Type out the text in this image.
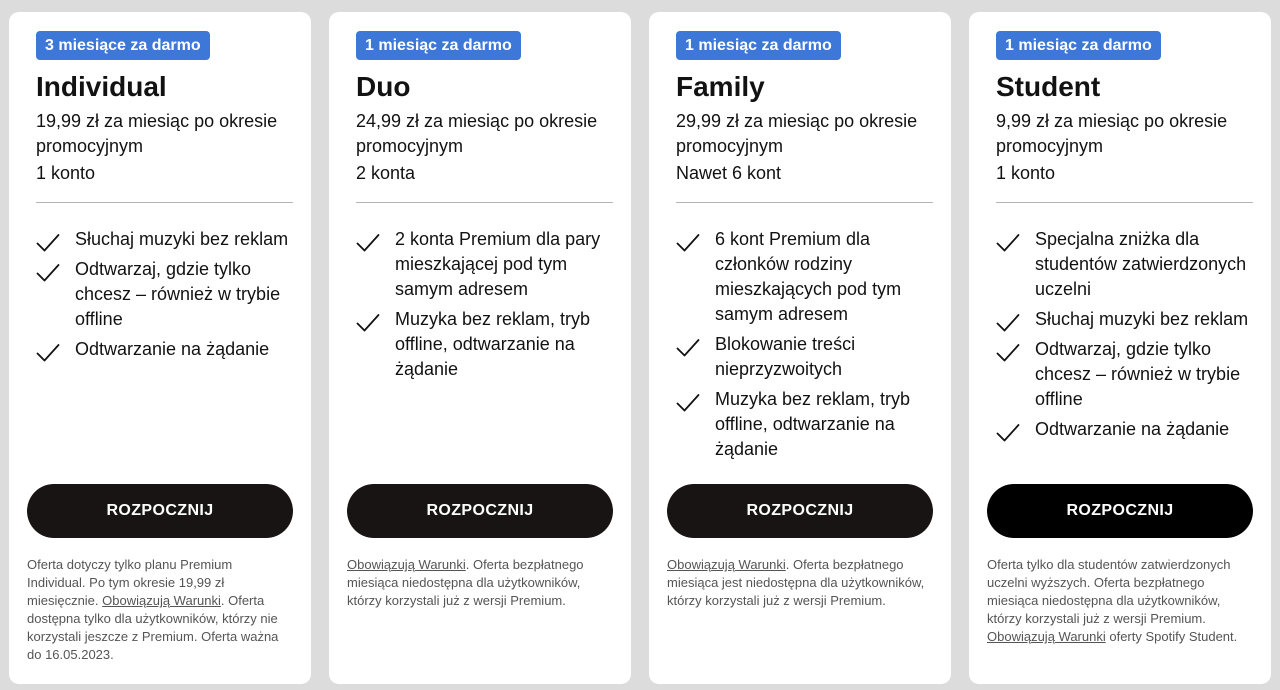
3 miesiące za darmo
Individual
19,99 zł za miesiąc po okresie promocyjnym
1 konto
Słuchaj muzyki bez reklam
Odtwarzaj, gdzie tylko chcesz – również w trybie offline
Odtwarzanie na żądanie
ROZPOCZNIJ
Oferta dotyczy tylko planu Premium Individual. Po tym okresie 19,99 zł miesięcznie. Obowiązują Warunki. Oferta dostępna tylko dla użytkowników, którzy nie korzystali jeszcze z Premium. Oferta ważna do 16.05.2023.
1 miesiąc za darmo
Duo
24,99 zł za miesiąc po okresie promocyjnym
2 konta
2 konta Premium dla pary mieszkającej pod tym samym adresem
Muzyka bez reklam, tryb offline, odtwarzanie na żądanie
ROZPOCZNIJ
Obowiązują Warunki. Oferta bezpłatnego miesiąca niedostępna dla użytkowników, którzy korzystali już z wersji Premium.
1 miesiąc za darmo
Family
29,99 zł za miesiąc po okresie promocyjnym
Nawet 6 kont
6 kont Premium dla członków rodziny mieszkających pod tym samym adresem
Blokowanie treści nieprzyzwoitych
Muzyka bez reklam, tryb offline, odtwarzanie na żądanie
ROZPOCZNIJ
Obowiązują Warunki. Oferta bezpłatnego miesiąca jest niedostępna dla użytkowników, którzy korzystali już z wersji Premium.
1 miesiąc za darmo
Student
9,99 zł za miesiąc po okresie promocyjnym
1 konto
Specjalna zniżka dla studentów zatwierdzonych uczelni
Słuchaj muzyki bez reklam
Odtwarzaj, gdzie tylko chcesz – również w trybie offline
Odtwarzanie na żądanie
ROZPOCZNIJ
Oferta tylko dla studentów zatwierdzonych uczelni wyższych. Oferta bezpłatnego miesiąca niedostępna dla użytkowników, którzy korzystali już z wersji Premium. Obowiązują Warunki oferty Spotify Student.
